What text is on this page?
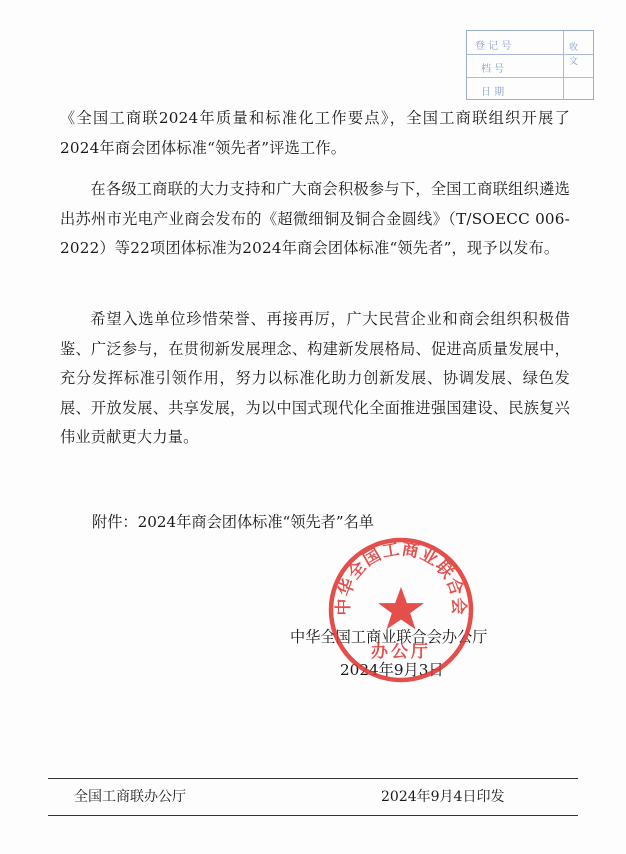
登 记 号
档 号
日 期
收 文

《全国工商联2024年质量和标准化工作要点》，全国工商联组织开展了2024年商会团体标准“领先者”评选工作。

在各级工商联的大力支持和广大商会积极参与下，全国工商联组织遴选出苏州市光电产业商会发布的《超微细铜及铜合金圆线》（T/SOECC 006-2022）等22项团体标准为2024年商会团体标准“领先者”，现予以发布。

希望入选单位珍惜荣誉、再接再厉，广大民营企业和商会组织积极借鉴、广泛参与，在贯彻新发展理念、构建新发展格局、促进高质量发展中，充分发挥标准引领作用，努力以标准化助力创新发展、协调发展、绿色发展、开放发展、共享发展，为以中国式现代化全面推进强国建设、民族复兴伟业贡献更大力量。

附件：2024年商会团体标准“领先者”名单
中华全国工商业联合会办公厅
2024年9月3日
中华全国工商业联合会
办公厅
全国工商联办公厅	2024年9月4日印发
